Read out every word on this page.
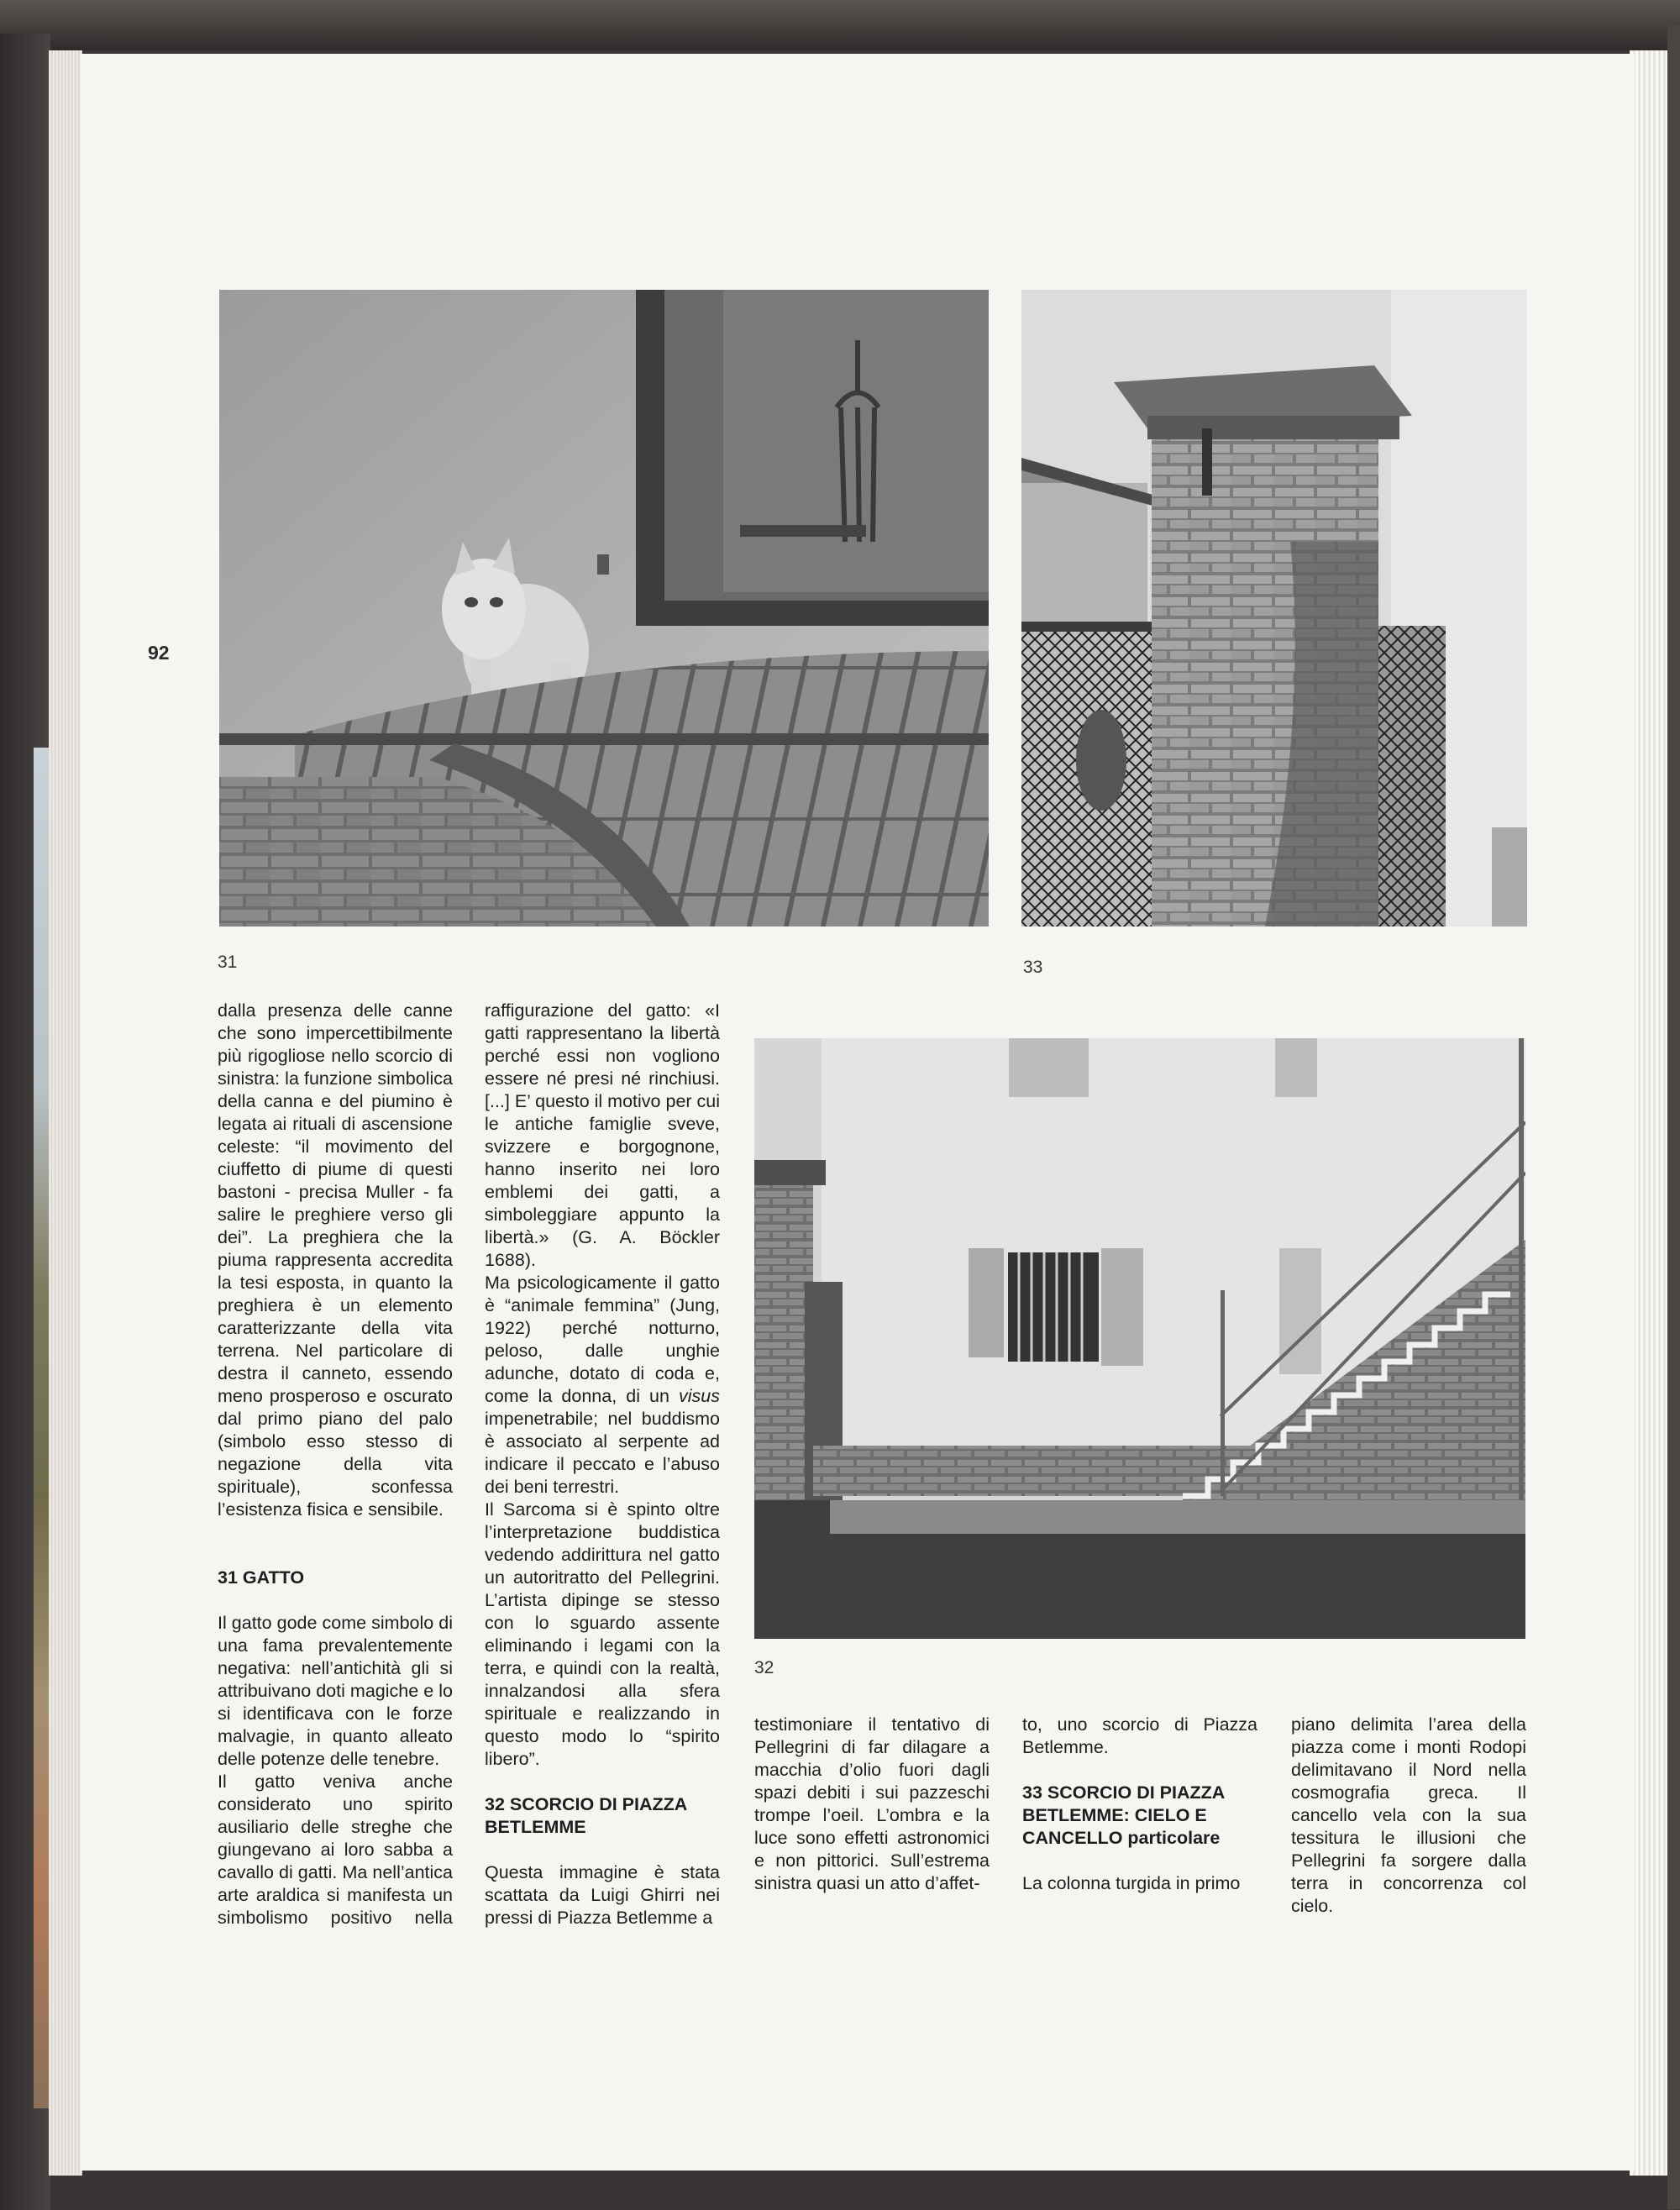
92
31	33
32

dalla presenza delle canne che sono impercettibilmente più rigogliose nello scorcio di sinistra: la funzione simbolica della canna e del piumino è legata ai rituali di ascensione celeste: “il movimento del ciuffetto di piume di questi bastoni - precisa Muller - fa salire le preghiere verso gli dei”. La preghiera che la piuma rappresenta accredita la tesi esposta, in quanto la preghiera è un elemento caratterizzante della vita terrena. Nel particolare di destra il canneto, essendo meno prosperoso e oscurato dal primo piano del palo (simbolo esso stesso di negazione della vita spirituale), sconfessa l’esistenza fisica e sensibile.

31 GATTO

Il gatto gode come simbolo di una fama prevalentemente negativa: nell’antichità gli si attribuivano doti magiche e lo si identificava con le forze malvagie, in quanto alleato delle potenze delle tenebre.

Il gatto veniva anche considerato uno spirito ausiliario delle streghe che giungevano ai loro sabba a cavallo di gatti. Ma nell’antica arte araldica si manifesta un simbolismo positivo nella

raffigurazione del gatto: «I gatti rappresentano la libertà perché essi non vogliono essere né presi né rinchiusi. [...] E’ questo il motivo per cui le antiche famiglie sveve, svizzere e borgognone, hanno inserito nei loro emblemi dei gatti, a simboleggiare appunto la libertà.» (G. A. Böckler 1688).

Ma psicologicamente il gatto è “animale femmina” (Jung, 1922) perché notturno, peloso, dalle unghie adunche, dotato di coda e, come la donna, di un visus impenetrabile; nel buddismo è associato al serpente ad indicare il peccato e l’abuso dei beni terrestri.

Il Sarcoma si è spinto oltre l’interpretazione buddistica vedendo addirittura nel gatto un autoritratto del Pellegrini. L’artista dipinge se stesso con lo sguardo assente eliminando i legami con la terra, e quindi con la realtà, innalzandosi alla sfera spirituale e realizzando in questo modo lo “spirito libero”.

32 SCORCIO DI PIAZZA BETLEMME

Questa immagine è stata scattata da Luigi Ghirri nei pressi di Piazza Betlemme a

testimoniare il tentativo di Pellegrini di far dilagare a macchia d’olio fuori dagli spazi debiti i sui pazzeschi trompe l’oeil. L’ombra e la luce sono effetti astronomici e non pittorici. Sull’estrema sinistra quasi un atto d’affet-

to, uno scorcio di Piazza Betlemme.

33 SCORCIO DI PIAZZA BETLEMME: CIELO E CANCELLO particolare

La colonna turgida in primo

piano delimita l’area della piazza come i monti Rodopi delimitavano il Nord nella cosmografia greca. Il cancello vela con la sua tessitura le illusioni che Pellegrini fa sorgere dalla terra in concorrenza col cielo.
